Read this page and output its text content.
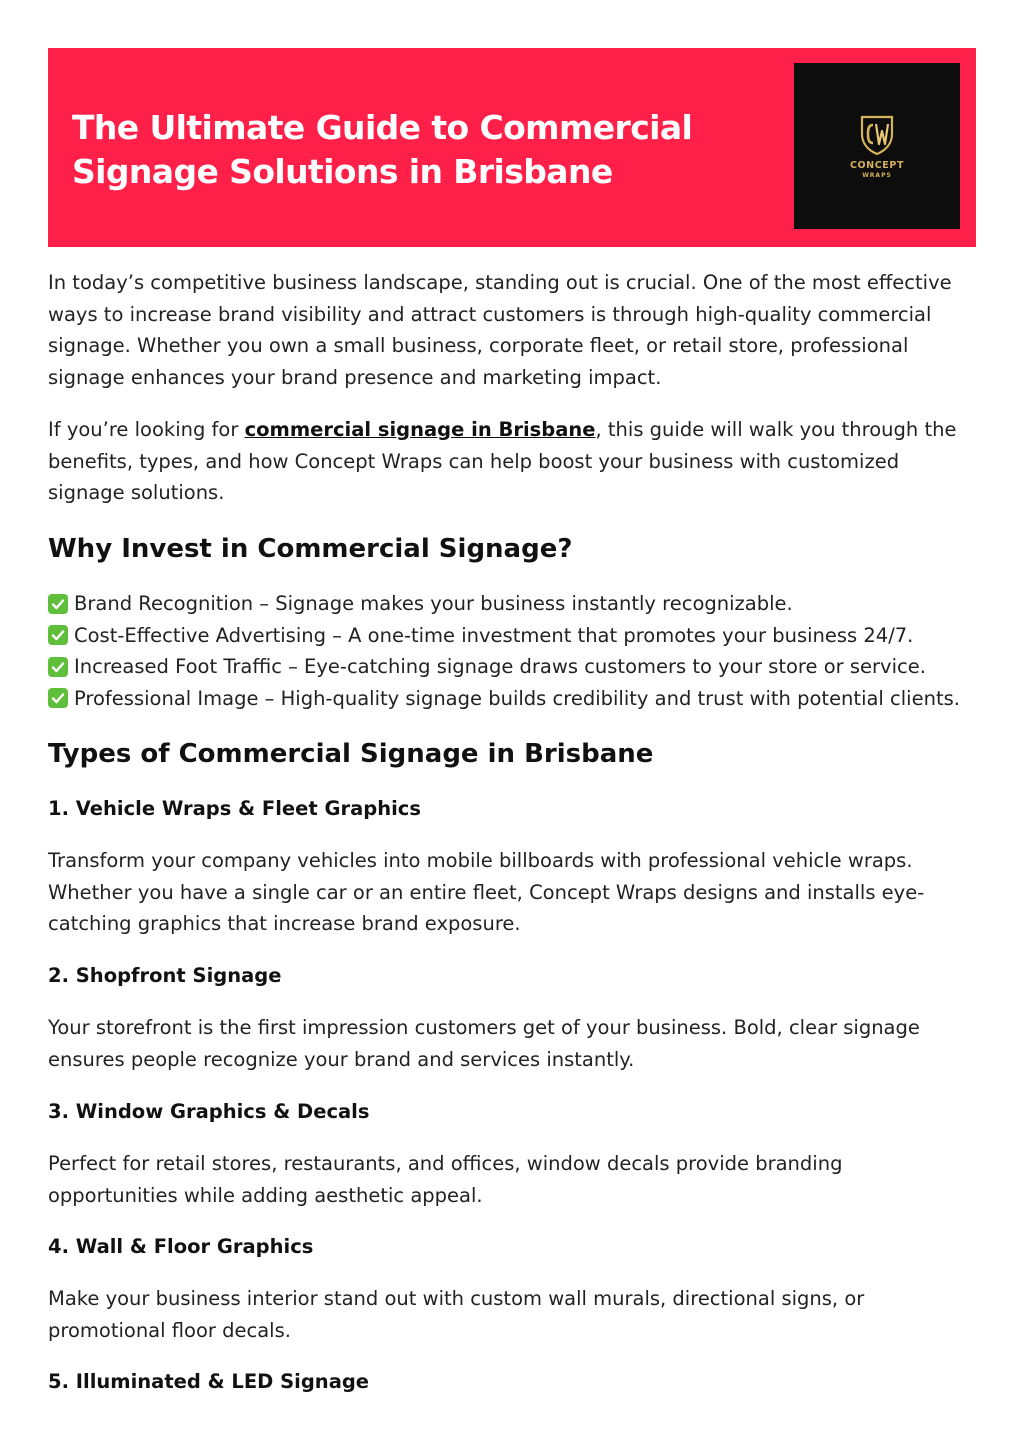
The Ultimate Guide to Commercial Signage Solutions in Brisbane	CONCEPT
WRAPS

In today’s competitive business landscape, standing out is crucial. One of the most effective ways to increase brand visibility and attract customers is through high-quality commercial signage. Whether you own a small business, corporate fleet, or retail store, professional signage enhances your brand presence and marketing impact.

If you’re looking for commercial signage in Brisbane, this guide will walk you through the benefits, types, and how Concept Wraps can help boost your business with customized signage solutions.

Why Invest in Commercial Signage?
Brand Recognition – Signage makes your business instantly recognizable.
Cost-Effective Advertising – A one-time investment that promotes your business 24/7.
Increased Foot Traffic – Eye-catching signage draws customers to your store or service.
Professional Image – High-quality signage builds credibility and trust with potential clients.
Types of Commercial Signage in Brisbane
1. Vehicle Wraps & Fleet Graphics

Transform your company vehicles into mobile billboards with professional vehicle wraps. Whether you have a single car or an entire fleet, Concept Wraps designs and installs eye-catching graphics that increase brand exposure.

2. Shopfront Signage

Your storefront is the first impression customers get of your business. Bold, clear signage ensures people recognize your brand and services instantly.

3. Window Graphics & Decals

Perfect for retail stores, restaurants, and offices, window decals provide branding opportunities while adding aesthetic appeal.

4. Wall & Floor Graphics

Make your business interior stand out with custom wall murals, directional signs, or promotional floor decals.

5. Illuminated & LED Signage
